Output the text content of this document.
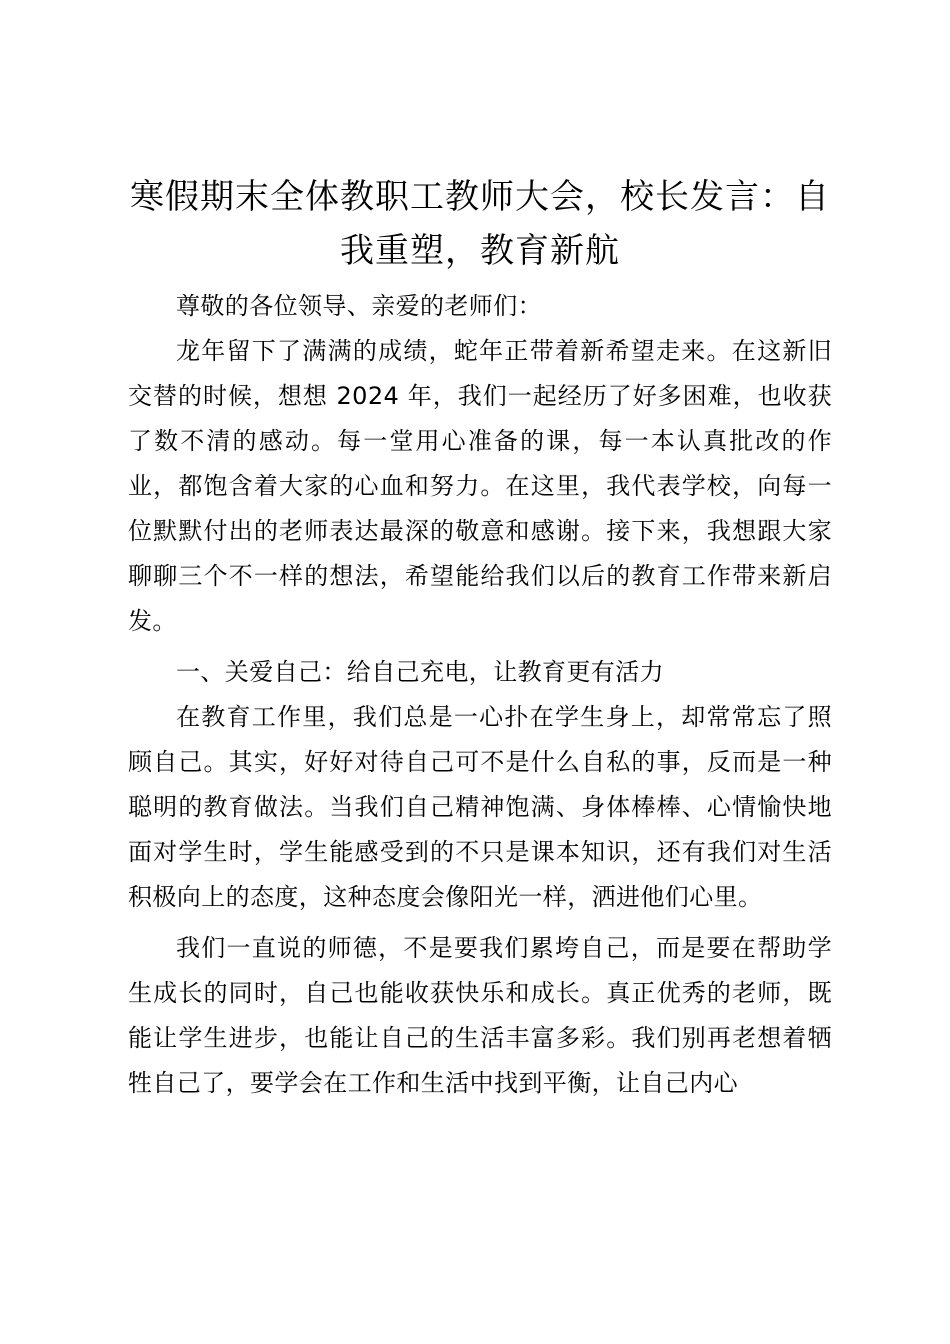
寒假期末全体教职工教师大会，校长发言：自我重塑，教育新航

尊敬的各位领导、亲爱的老师们：

龙年留下了满满的成绩，蛇年正带着新希望走来。在这新旧交替的时候，想想 2024 年，我们一起经历了好多困难，也收获了数不清的感动。每一堂用心准备的课，每一本认真批改的作业，都饱含着大家的心血和努力。在这里，我代表学校，向每一位默默付出的老师表达最深的敬意和感谢。接下来，我想跟大家聊聊三个不一样的想法，希望能给我们以后的教育工作带来新启发。

一、关爱自己：给自己充电，让教育更有活力

在教育工作里，我们总是一心扑在学生身上，却常常忘了照顾自己。其实，好好对待自己可不是什么自私的事，反而是一种聪明的教育做法。当我们自己精神饱满、身体棒棒、心情愉快地面对学生时，学生能感受到的不只是课本知识，还有我们对生活积极向上的态度，这种态度会像阳光一样，洒进他们心里。

我们一直说的师德，不是要我们累垮自己，而是要在帮助学生成长的同时，自己也能收获快乐和成长。真正优秀的老师，既能让学生进步，也能让自己的生活丰富多彩。我们别再老想着牺牲自己了，要学会在工作和生活中找到平衡，让自己内心
